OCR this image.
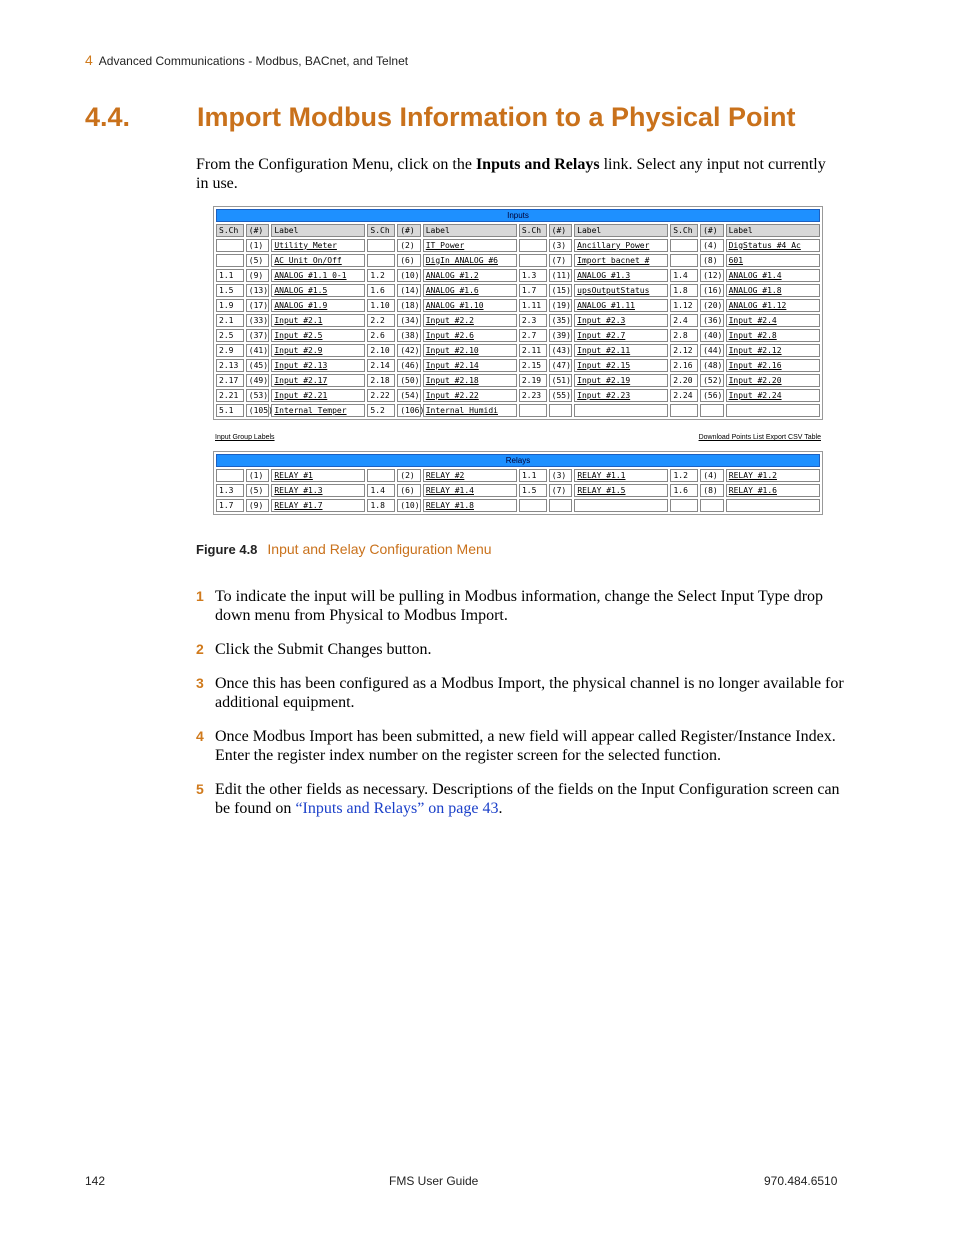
4 Advanced Communications - Modbus, BACnet, and Telnet
4.4. Import Modbus Information to a Physical Point

From the Configuration Menu, click on the Inputs and Relays link. Select any input not currently in use.

Inputs											
S.Ch	(#)	Label	S.Ch	(#)	Label	S.Ch	(#)	Label	S.Ch	(#)	Label
	(1)	Utility Meter		(2)	IT Power		(3)	Ancillary Power		(4)	DigStatus #4 Ac
	(5)	AC Unit On/Off		(6)	DigIn ANALOG #6		(7)	Import bacnet #		(8)	601
1.1	(9)	ANALOG #1.1 0-1	1.2	(10)	ANALOG #1.2	1.3	(11)	ANALOG #1.3	1.4	(12)	ANALOG #1.4
1.5	(13)	ANALOG #1.5	1.6	(14)	ANALOG #1.6	1.7	(15)	upsOutputStatus	1.8	(16)	ANALOG #1.8
1.9	(17)	ANALOG #1.9	1.10	(18)	ANALOG #1.10	1.11	(19)	ANALOG #1.11	1.12	(20)	ANALOG #1.12
2.1	(33)	Input #2.1	2.2	(34)	Input #2.2	2.3	(35)	Input #2.3	2.4	(36)	Input #2.4
2.5	(37)	Input #2.5	2.6	(38)	Input #2.6	2.7	(39)	Input #2.7	2.8	(40)	Input #2.8
2.9	(41)	Input #2.9	2.10	(42)	Input #2.10	2.11	(43)	Input #2.11	2.12	(44)	Input #2.12
2.13	(45)	Input #2.13	2.14	(46)	Input #2.14	2.15	(47)	Input #2.15	2.16	(48)	Input #2.16
2.17	(49)	Input #2.17	2.18	(50)	Input #2.18	2.19	(51)	Input #2.19	2.20	(52)	Input #2.20
2.21	(53)	Input #2.21	2.22	(54)	Input #2.22	2.23	(55)	Input #2.23	2.24	(56)	Input #2.24
5.1	(105)	Internal Temper	5.2	(106)	Internal Humidi						
Input Group Labels	Download Points List Export CSV Table
Relays											
	(1)	RELAY #1		(2)	RELAY #2	1.1	(3)	RELAY #1.1	1.2	(4)	RELAY #1.2
1.3	(5)	RELAY #1.3	1.4	(6)	RELAY #1.4	1.5	(7)	RELAY #1.5	1.6	(8)	RELAY #1.6
1.7	(9)	RELAY #1.7	1.8	(10)	RELAY #1.8						
Figure 4.8 Input and Relay Configuration Menu
1 To indicate the input will be pulling in Modbus information, change the Select Input Type drop down menu from Physical to Modbus Import.
2 Click the Submit Changes button.
3 Once this has been configured as a Modbus Import, the physical channel is no longer available for additional equipment.
4 Once Modbus Import has been submitted, a new field will appear called Register/Instance Index. Enter the register index number on the register screen for the selected function.
5 Edit the other fields as necessary. Descriptions of the fields on the Input Configuration screen can be found on “Inputs and Relays” on page 43.
142	FMS User Guide	970.484.6510
